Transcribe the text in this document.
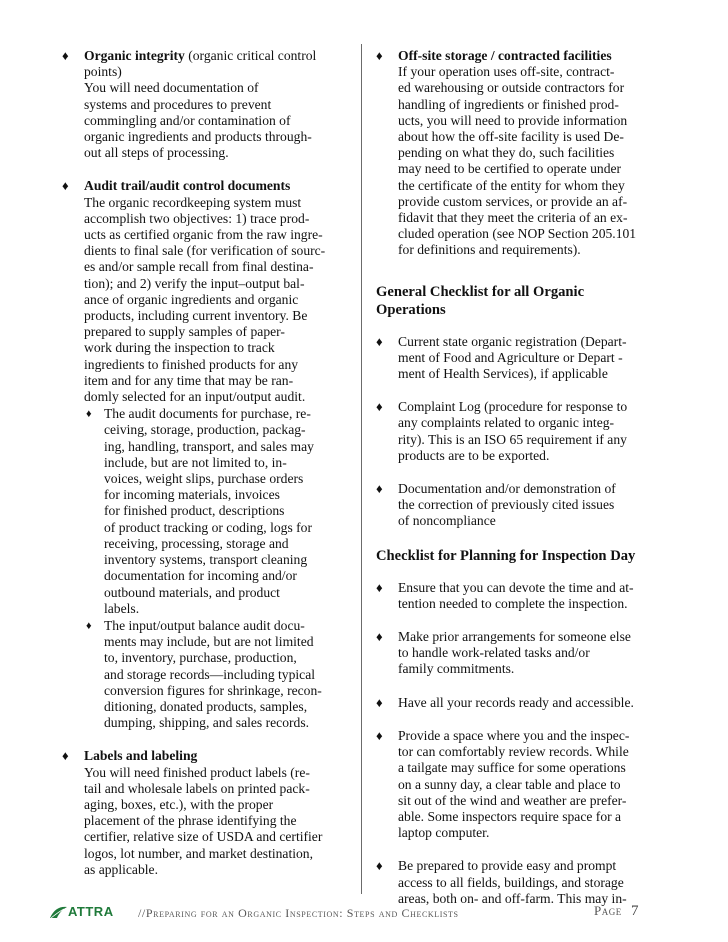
♦ Organic integrity (organic critical control
points)
You will need documentation of
systems and procedures to prevent
commingling and/or contamination of
organic ingredients and products through-
out all steps of processing.
♦ Audit trail/audit control documents
The organic recordkeeping system must
accomplish two objectives: 1) trace prod-
ucts as certified organic from the raw ingre-
dients to final sale (for verification of sourc-
es and/or sample recall from final destina-
tion); and 2) verify the input–output bal-
ance of organic ingredients and organic
products, including current inventory. Be
prepared to supply samples of paper-
work during the inspection to track
ingredients to finished products for any
item and for any time that may be ran-
domly selected for an input/output audit.
♦ The audit documents for purchase, re-
ceiving, storage, production, packag-
ing, handling, transport, and sales may
include, but are not limited to, in-
voices, weight slips, purchase orders
for incoming materials, invoices
for finished product, descriptions
of product tracking or coding, logs for
receiving, processing, storage and
inventory systems, transport cleaning
documentation for incoming and/or
outbound materials, and product
labels.
♦ The input/output balance audit docu-
ments may include, but are not limited
to, inventory, purchase, production,
and storage records—including typical
conversion figures for shrinkage, recon-
ditioning, donated products, samples,
dumping, shipping, and sales records.
♦ Labels and labeling
You will need finished product labels (re-
tail and wholesale labels on printed pack-
aging, boxes, etc.), with the proper
placement of the phrase identifying the
certifier, relative size of USDA and certifier
logos, lot number, and market destination,
as applicable.
♦ Off-site storage / contracted facilities
If your operation uses off-site, contract-
ed warehousing or outside contractors for
handling of ingredients or finished prod-
ucts, you will need to provide information
about how the off-site facility is used De-
pending on what they do, such facilities
may need to be certified to operate under
the certificate of the entity for whom they
provide custom services, or provide an af-
fidavit that they meet the criteria of an ex-
cluded operation (see NOP Section 205.101
for definitions and requirements).
General Checklist for all Organic
Operations
♦ Current state organic registration (Depart-
ment of Food and Agriculture or Depart -
ment of Health Services), if applicable
♦ Complaint Log (procedure for response to
any complaints related to organic integ-
rity). This is an ISO 65 requirement if any
products are to be exported.
♦ Documentation and/or demonstration of
the correction of previously cited issues
of noncompliance
Checklist for Planning for Inspection Day
♦ Ensure that you can devote the time and at-
tention needed to complete the inspection.
♦ Make prior arrangements for someone else
to handle work-related tasks and/or
family commitments.
♦ Have all your records ready and accessible.
♦ Provide a space where you and the inspec-
tor can comfortably review records. While
a tailgate may suffice for some operations
on a sunny day, a clear table and place to
sit out of the wind and weather are prefer-
able. Some inspectors require space for a
laptop computer.
♦ Be prepared to provide easy and prompt
access to all fields, buildings, and storage
areas, both on- and off-farm. This may in-
ATTRA //Preparing for an Organic Inspection: Steps and Checklists	Page 7
